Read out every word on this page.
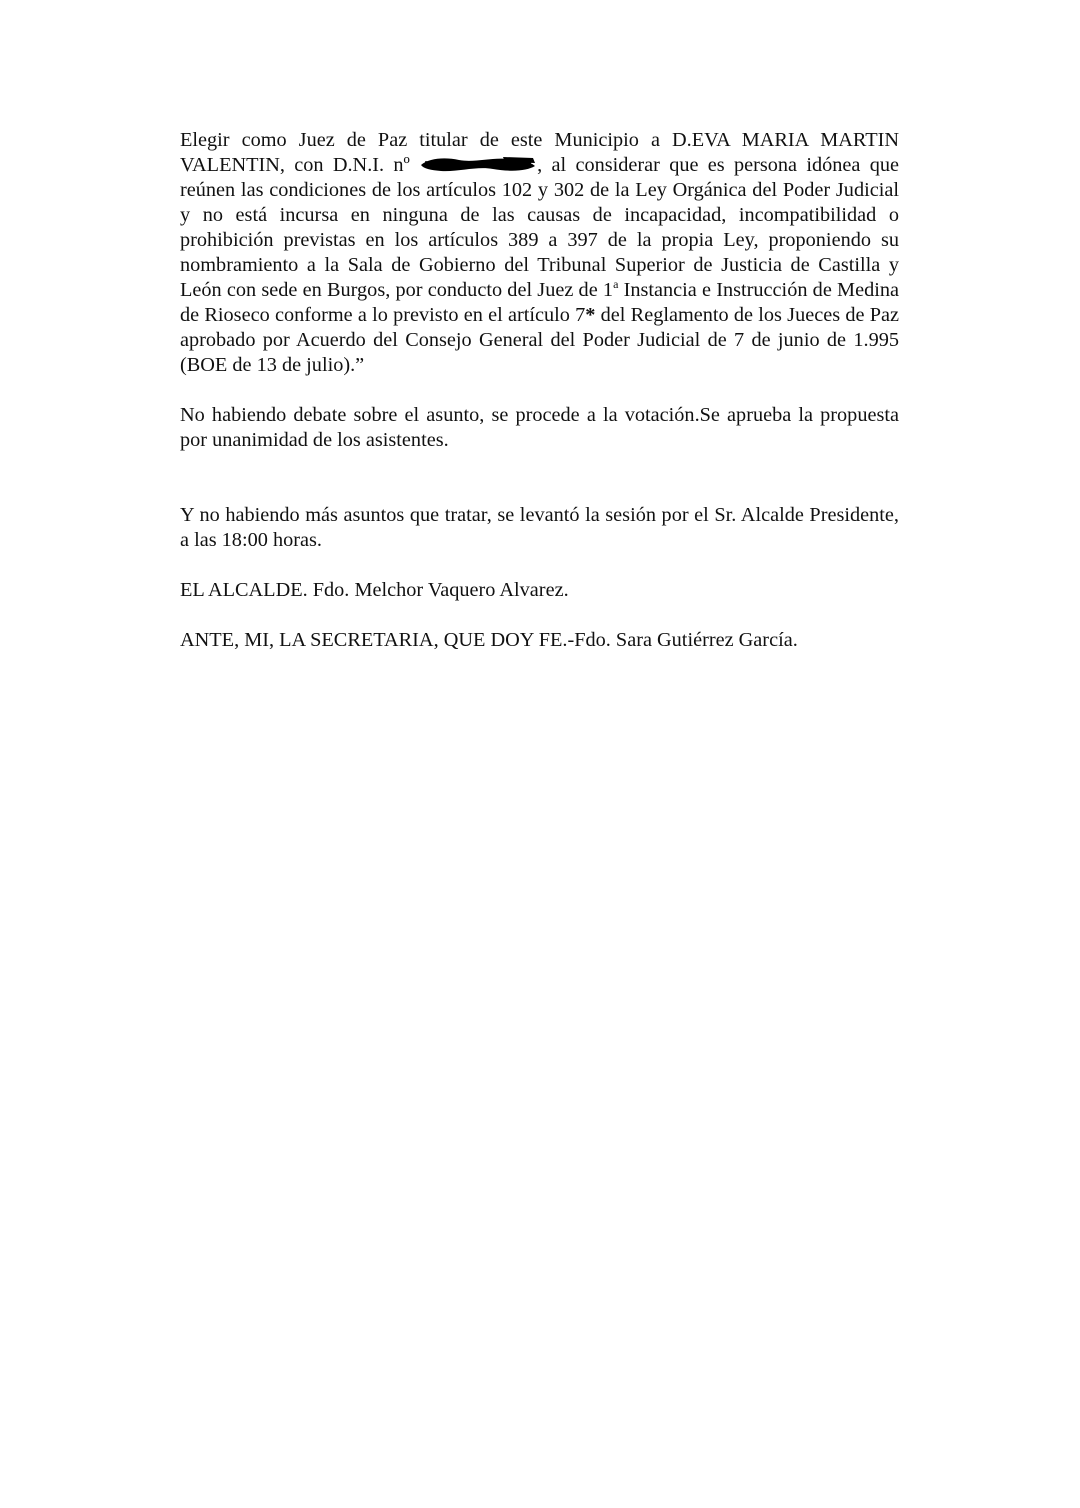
Elegir como Juez de Paz titular de este Municipio a D.EVA MARIA MARTIN VALENTIN, con D.N.I. nº	, al considerar que es persona idónea que reúnen las condiciones de los artículos 102 y 302 de la Ley Orgánica del Poder Judicial y no está incursa en ninguna de las causas de incapacidad, incompatibilidad o prohibición previstas en los artículos 389 a 397 de la propia Ley, proponiendo su nombramiento a la Sala de Gobierno del Tribunal Superior de Justicia de Castilla y León con sede en Burgos, por conducto del Juez de 1$^a$ Instancia e Instrucción de Medina de Rioseco conforme a lo previsto en el artículo 7* del Reglamento de los Jueces de Paz aprobado por Acuerdo del Consejo General del Poder Judicial de 7 de junio de 1.995 (BOE de 13 de julio).”

No habiendo debate sobre el asunto, se procede a la votación.Se aprueba la propuesta por unanimidad de los asistentes.

Y no habiendo más asuntos que tratar, se levantó la sesión por el Sr. Alcalde Presidente, a las 18:00 horas.

EL ALCALDE. Fdo. Melchor Vaquero Alvarez.

ANTE, MI, LA SECRETARIA, QUE DOY FE.-Fdo. Sara Gutiérrez García.
